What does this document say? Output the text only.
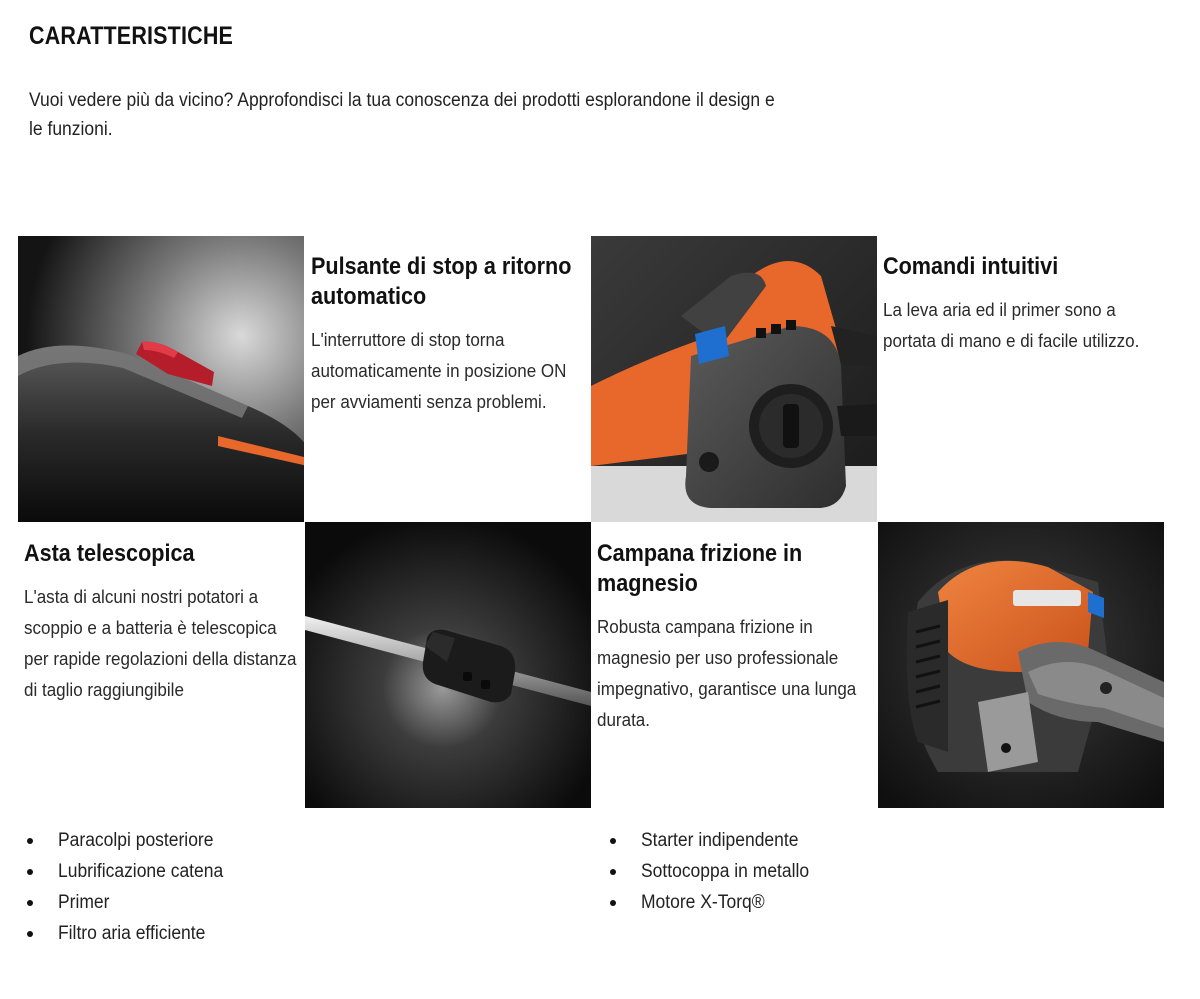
CARATTERISTICHE

Vuoi vedere più da vicino? Approfondisci la tua conoscenza dei prodotti esplorandone il design e le funzioni.

Pulsante di stop a ritorno automatico

L'interruttore di stop torna automaticamente in posizione ON per avviamenti senza problemi.

Comandi intuitivi

La leva aria ed il primer sono a portata di mano e di facile utilizzo.

Asta telescopica

L'asta di alcuni nostri potatori a scoppio e a batteria è telescopica per rapide regolazioni della distanza di taglio raggiungibile

Campana frizione in magnesio

Robusta campana frizione in magnesio per uso professionale impegnativo, garantisce una lunga durata.

Paracolpi posteriore
Lubrificazione catena
Primer
Filtro aria efficiente
Starter indipendente
Sottocoppa in metallo
Motore X-Torq®
